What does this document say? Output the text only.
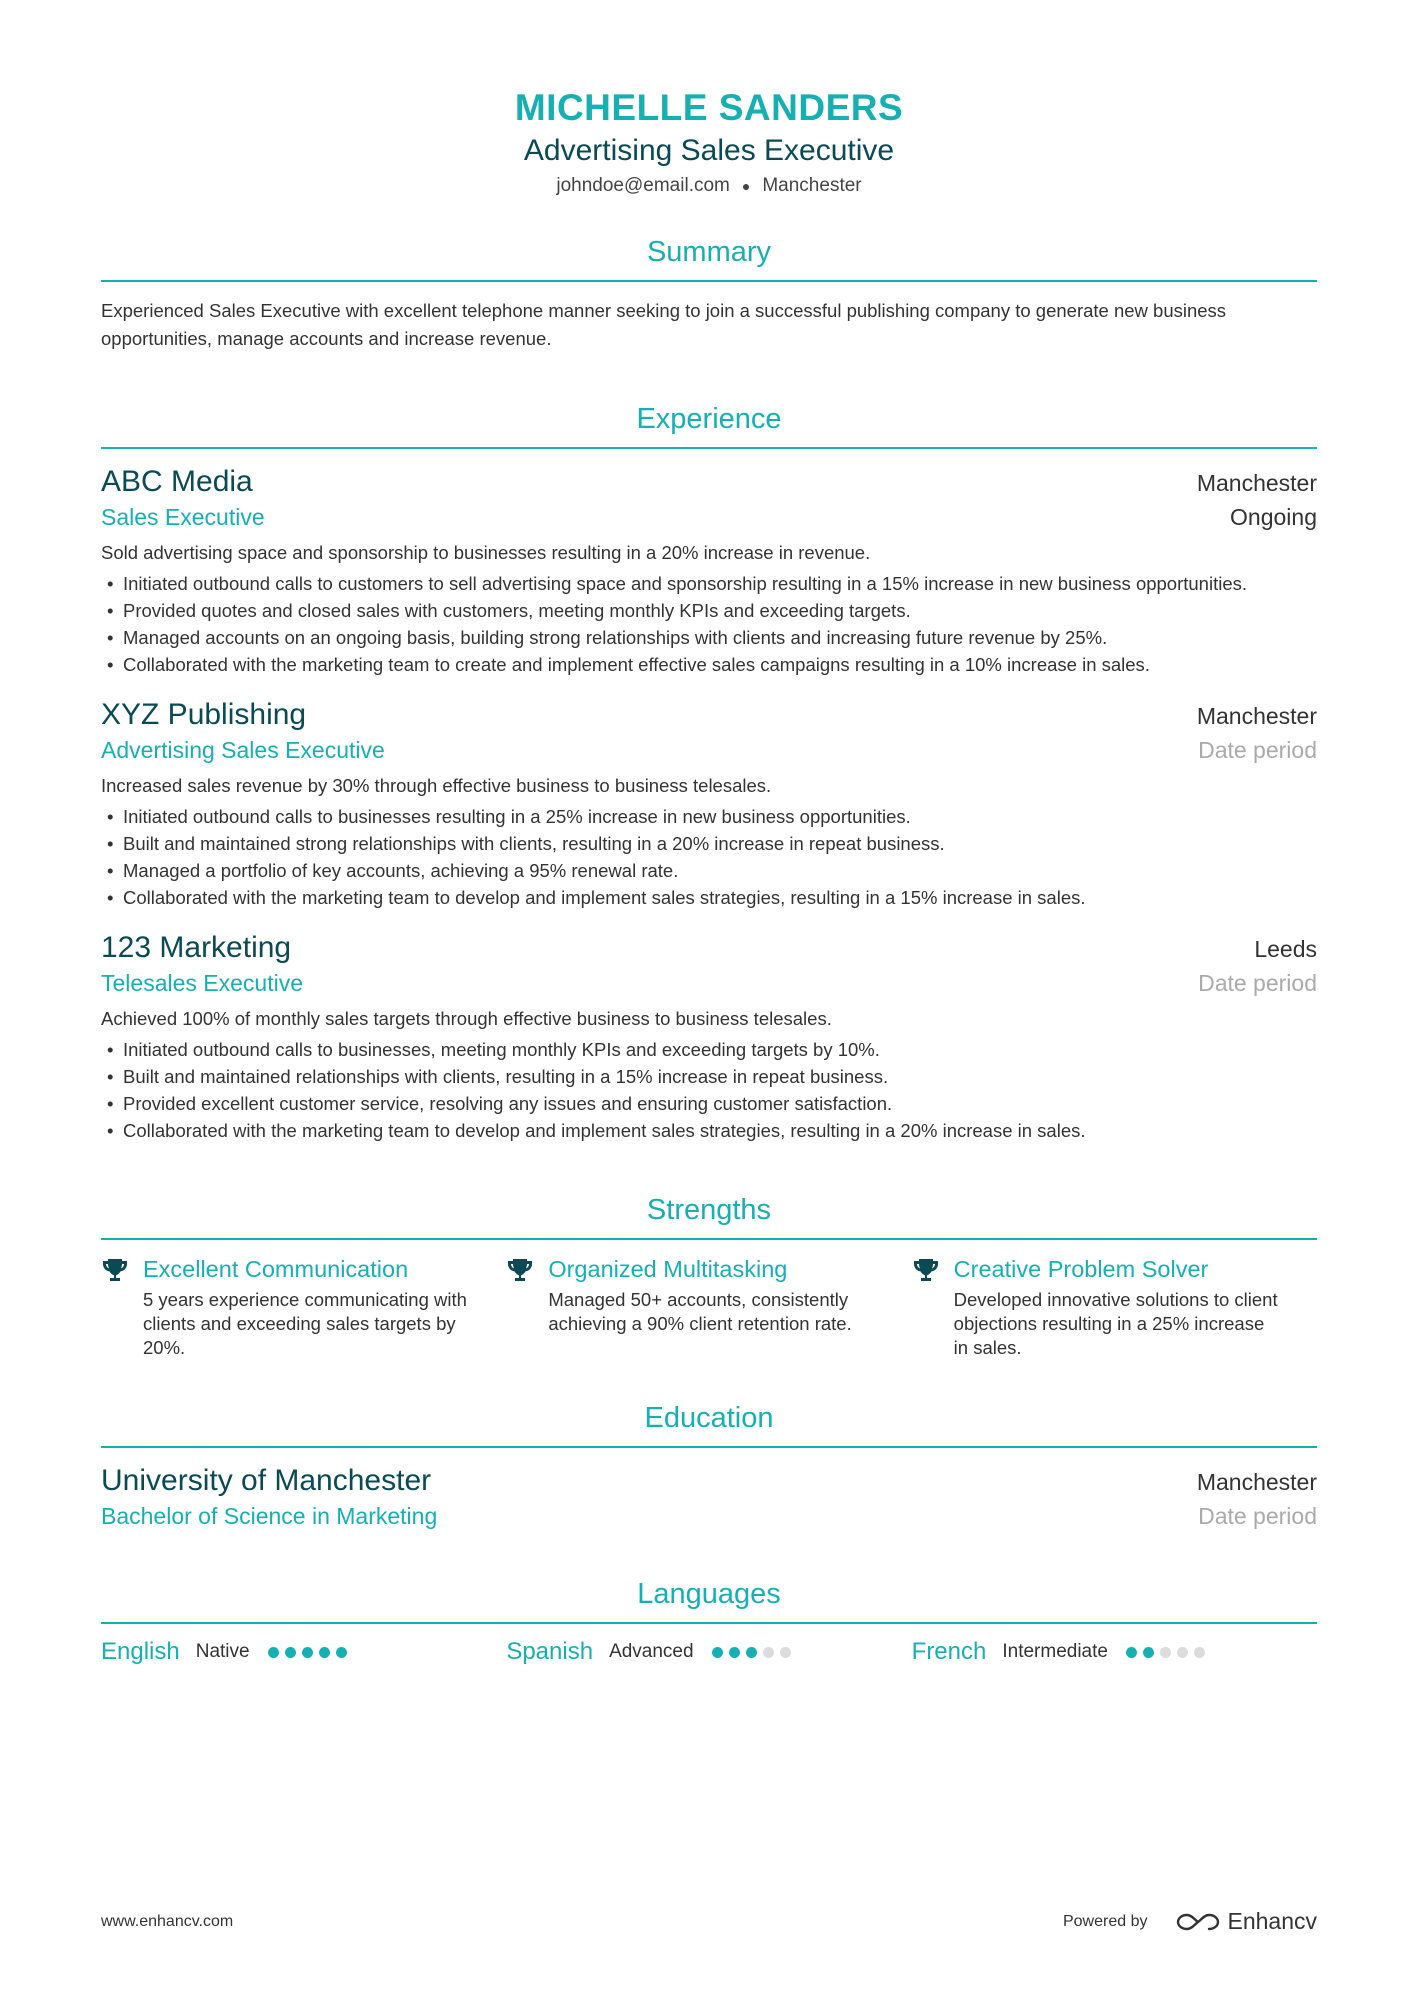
MICHELLE SANDERS
Advertising Sales Executive
johndoe@email.com ● Manchester
Summary
Experienced Sales Executive with excellent telephone manner seeking to join a successful publishing company to generate new business opportunities, manage accounts and increase revenue.
Experience
ABC Media	Manchester
Sales Executive	Ongoing
Sold advertising space and sponsorship to businesses resulting in a 20% increase in revenue.
• Initiated outbound calls to customers to sell advertising space and sponsorship resulting in a 15% increase in new business opportunities.
• Provided quotes and closed sales with customers, meeting monthly KPIs and exceeding targets.
• Managed accounts on an ongoing basis, building strong relationships with clients and increasing future revenue by 25%.
• Collaborated with the marketing team to create and implement effective sales campaigns resulting in a 10% increase in sales.
XYZ Publishing	Manchester
Advertising Sales Executive	Date period
Increased sales revenue by 30% through effective business to business telesales.
• Initiated outbound calls to businesses resulting in a 25% increase in new business opportunities.
• Built and maintained strong relationships with clients, resulting in a 20% increase in repeat business.
• Managed a portfolio of key accounts, achieving a 95% renewal rate.
• Collaborated with the marketing team to develop and implement sales strategies, resulting in a 15% increase in sales.
123 Marketing	Leeds
Telesales Executive	Date period
Achieved 100% of monthly sales targets through effective business to business telesales.
• Initiated outbound calls to businesses, meeting monthly KPIs and exceeding targets by 10%.
• Built and maintained relationships with clients, resulting in a 15% increase in repeat business.
• Provided excellent customer service, resolving any issues and ensuring customer satisfaction.
• Collaborated with the marketing team to develop and implement sales strategies, resulting in a 20% increase in sales.
Strengths
Excellent Communication
5 years experience communicating with clients and exceeding sales targets by 20%.
Organized Multitasking
Managed 50+ accounts, consistently achieving a 90% client retention rate.
Creative Problem Solver
Developed innovative solutions to client objections resulting in a 25% increase in sales.
Education
University of Manchester	Manchester
Bachelor of Science in Marketing	Date period
Languages
English Native	Spanish Advanced	French Intermediate
www.enhancv.com	Powered by	Enhancv
